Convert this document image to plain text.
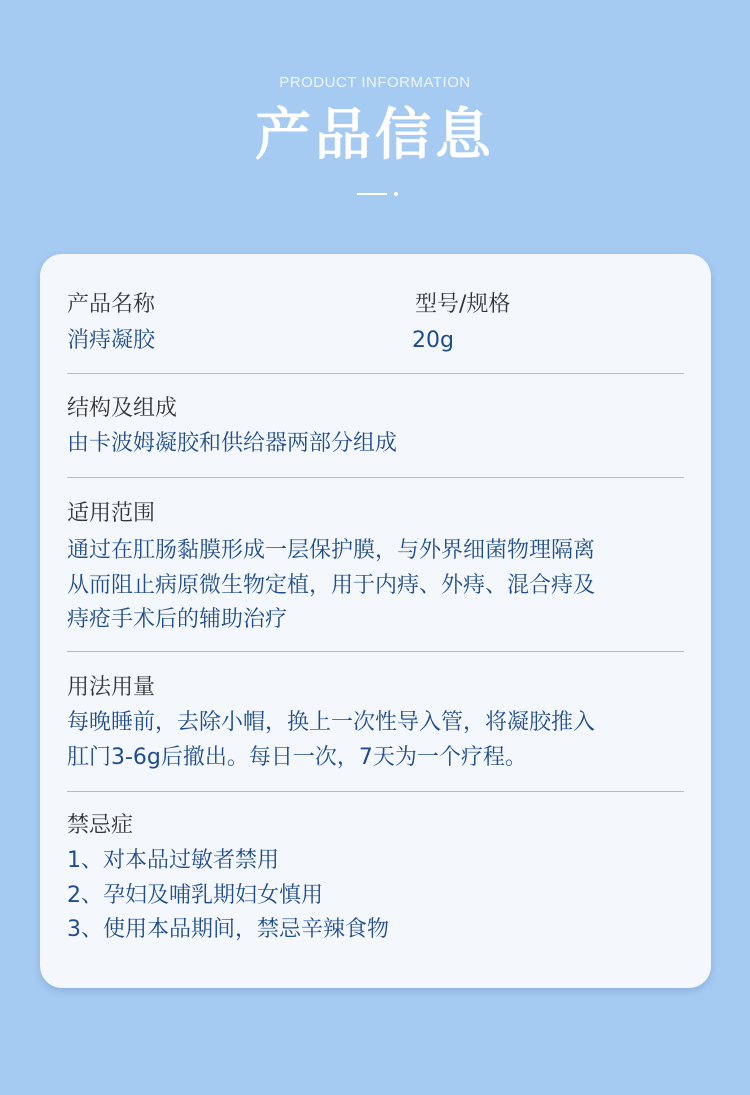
PRODUCT INFORMATION
产品信息
产品名称
消痔凝胶
型号/规格
20g
结构及组成
由卡波姆凝胶和供给器两部分组成
适用范围
通过在肛肠黏膜形成一层保护膜，与外界细菌物理隔离
从而阻止病原微生物定植，用于内痔、外痔、混合痔及
痔疮手术后的辅助治疗
用法用量
每晚睡前，去除小帽，换上一次性导入管，将凝胶推入
肛门3-6g后撤出。每日一次，7天为一个疗程。
禁忌症
1、对本品过敏者禁用
2、孕妇及哺乳期妇女慎用
3、使用本品期间，禁忌辛辣食物
